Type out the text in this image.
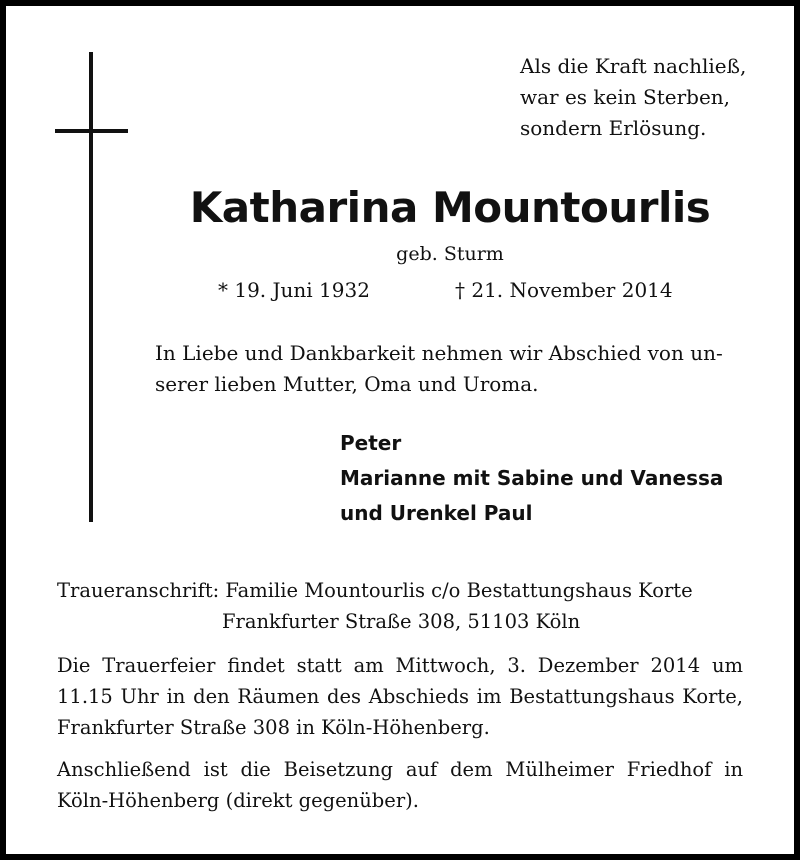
Als die Kraft nachließ,
war es kein Sterben,
sondern Erlösung.
Katharina Mountourlis
geb. Sturm
* 19. Juni 1932	† 21. November 2014
In Liebe und Dankbarkeit nehmen wir Abschied von un-
serer lieben Mutter, Oma und Uroma.
Peter
Marianne mit Sabine und Vanessa
und Urenkel Paul
Traueranschrift: Familie Mountourlis c/o Bestattungshaus Korte
Frankfurter Straße 308, 51103 Köln
Die Trauerfeier findet statt am Mittwoch, 3. Dezember 2014 um
11.15 Uhr in den Räumen des Abschieds im Bestattungshaus Korte,
Frankfurter Straße 308 in Köln-Höhenberg.
Anschließend ist die Beisetzung auf dem Mülheimer Friedhof in
Köln-Höhenberg (direkt gegenüber).
